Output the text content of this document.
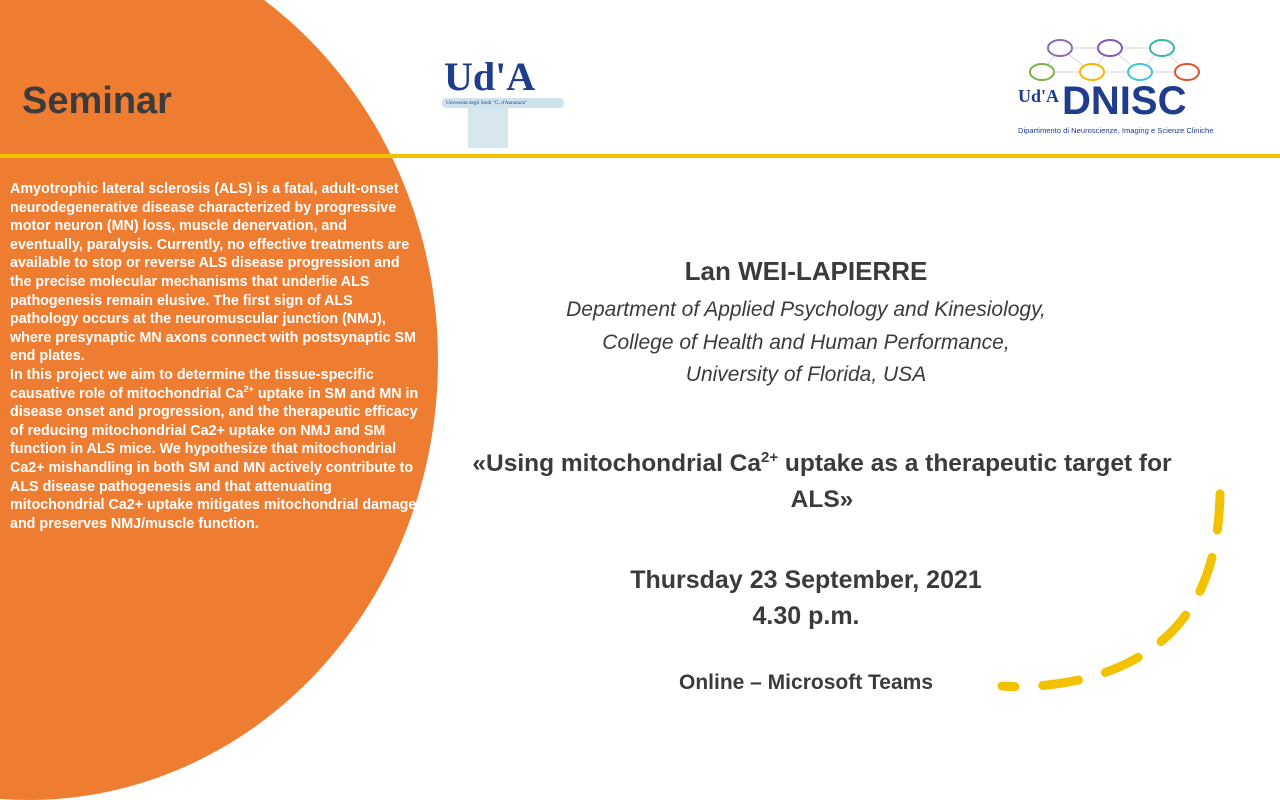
Seminar

Amyotrophic lateral sclerosis (ALS) is a fatal, adult-onset neurodegenerative disease characterized by progressive motor neuron (MN) loss, muscle denervation, and eventually, paralysis. Currently, no effective treatments are available to stop or reverse ALS disease progression and the precise molecular mechanisms that underlie ALS pathogenesis remain elusive. The first sign of ALS pathology occurs at the neuromuscular junction (NMJ), where presynaptic MN axons connect with postsynaptic SM end plates.

In this project we aim to determine the tissue-specific causative role of mitochondrial $Ca^{2+}$ uptake in SM and MN in disease onset and progression, and the therapeutic efficacy of reducing mitochondrial Ca2+ uptake on NMJ and SM function in ALS mice. We hypothesize that mitochondrial Ca2+ mishandling in both SM and MN actively contribute to ALS disease pathogenesis and that attenuating mitochondrial Ca2+ uptake mitigates mitochondrial damage and preserves NMJ/muscle function.

Ud'A
Università degli Studi "G. d'Annunzio"	Ud'A DNISC
Dipartimento di Neuroscienze, Imaging e Scienze Cliniche

Lan WEI-LAPIERRE

Department of Applied Psychology and Kinesiology,
College of Health and Human Performance,
University of Florida, USA

«Using mitochondrial $Ca^{2+}$ uptake as a therapeutic target for ALS»

Thursday 23 September, 2021
4.30 p.m.
Online – Microsoft Teams
